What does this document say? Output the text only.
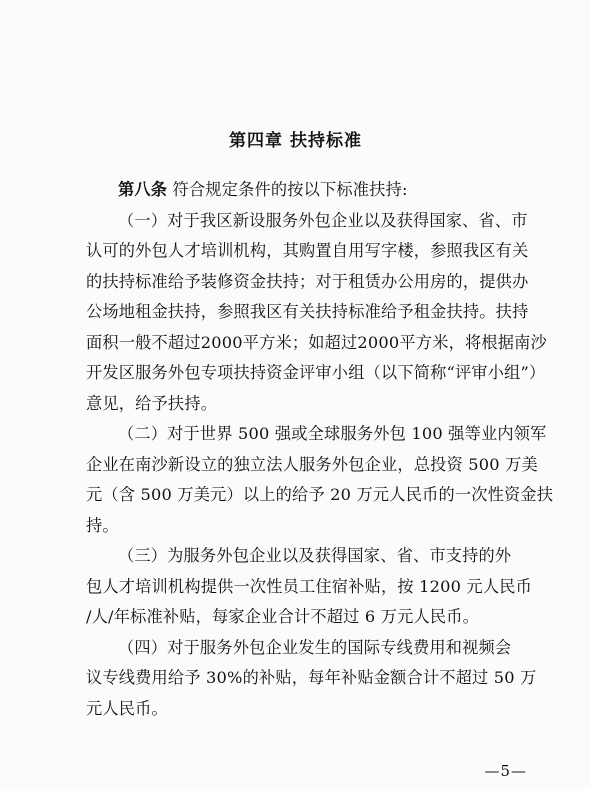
第四章 扶持标准
第八条 符合规定条件的按以下标准扶持:
（一）对于我区新设服务外包企业以及获得国家、省、市
认可的外包人才培训机构，其购置自用写字楼，参照我区有关
的扶持标准给予装修资金扶持；对于租赁办公用房的，提供办
公场地租金扶持，参照我区有关扶持标准给予租金扶持。扶持
面积一般不超过2000平方米；如超过2000平方米，将根据南沙
开发区服务外包专项扶持资金评审小组（以下简称“评审小组”）
意见，给予扶持。
（二）对于世界 500 强或全球服务外包 100 强等业内领军
企业在南沙新设立的独立法人服务外包企业，总投资 500 万美
元（含 500 万美元）以上的给予 20 万元人民币的一次性资金扶
持。
（三）为服务外包企业以及获得国家、省、市支持的外
包人才培训机构提供一次性员工住宿补贴，按 1200 元人民币
/人/年标准补贴，每家企业合计不超过 6 万元人民币。
（四）对于服务外包企业发生的国际专线费用和视频会
议专线费用给予 30%的补贴，每年补贴金额合计不超过 50 万
元人民币。
—5—
